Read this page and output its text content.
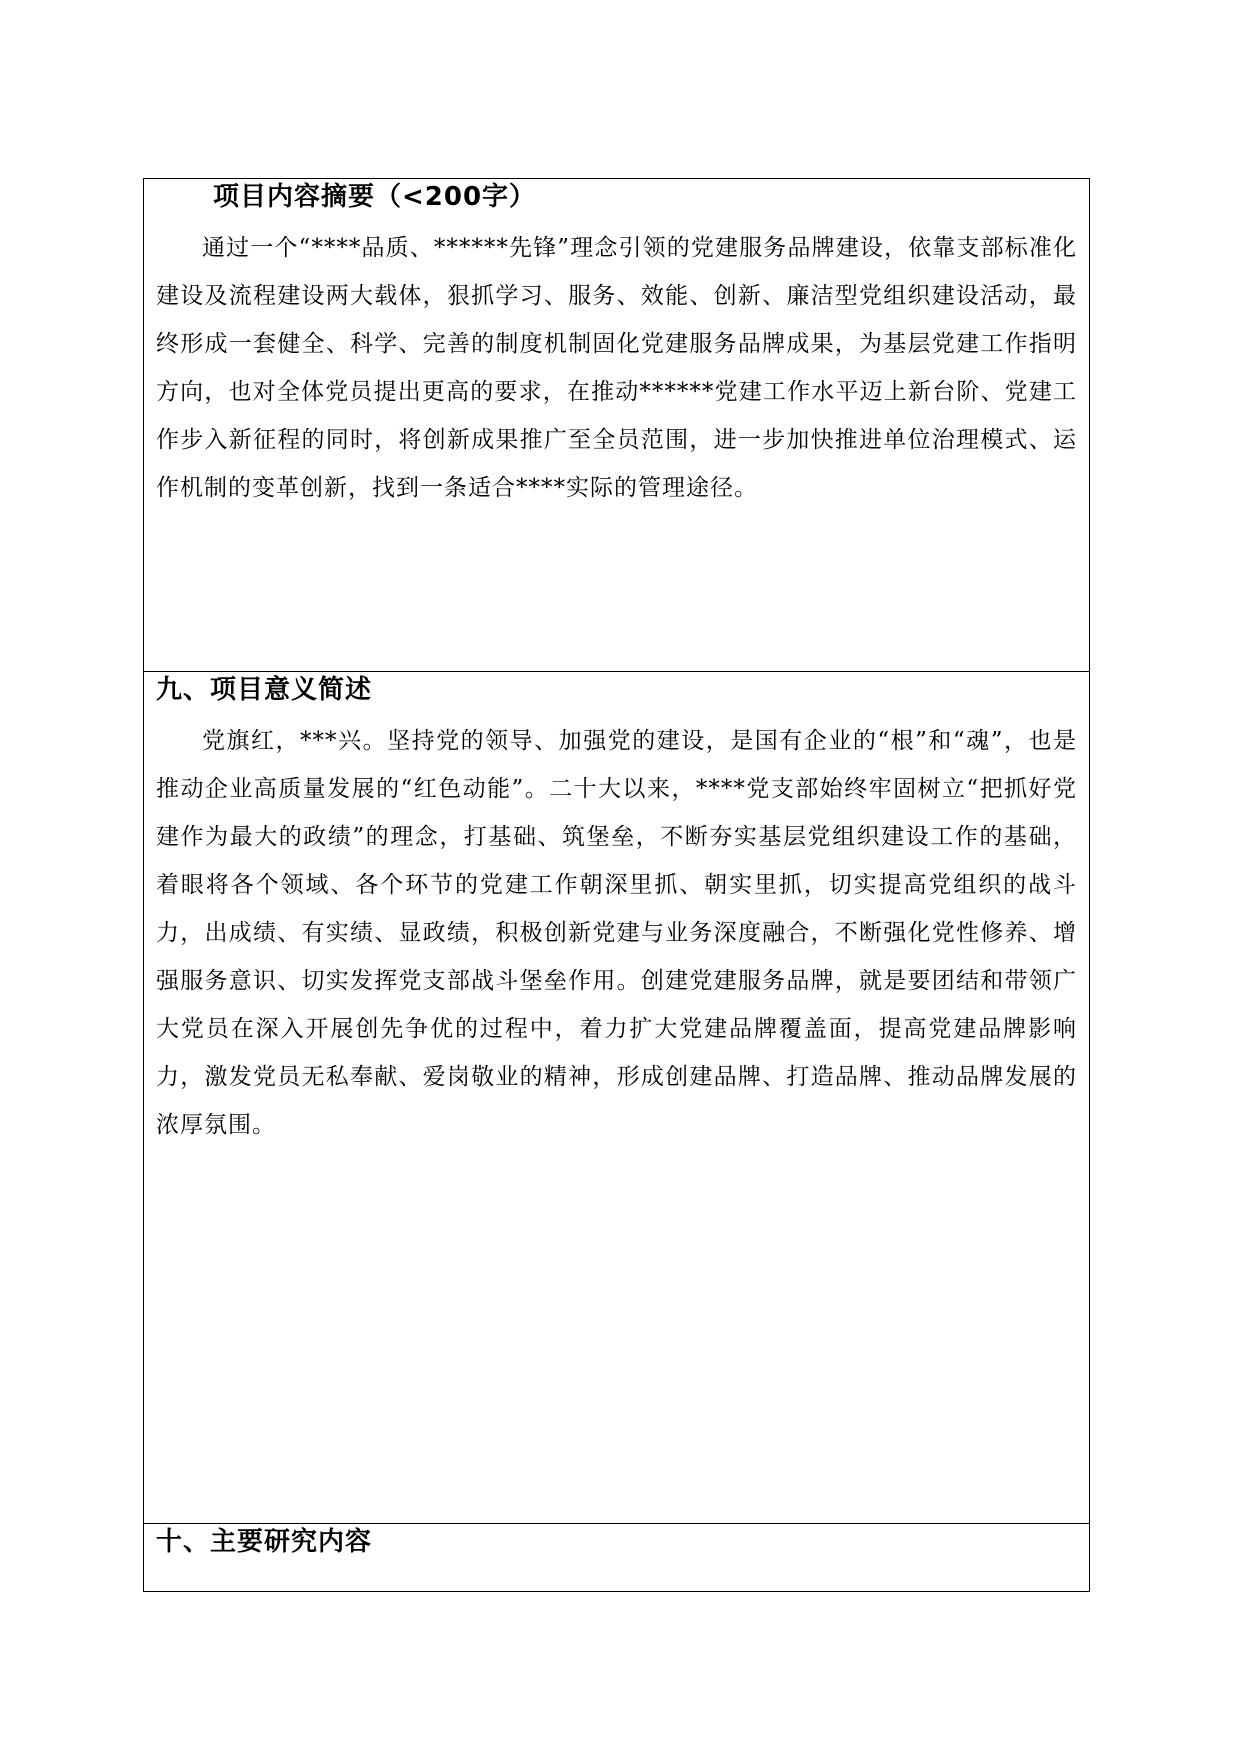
项目内容摘要（<200字）

通过一个“****品质、******先锋”理念引领的党建服务品牌建设，依靠支部标准化建设及流程建设两大载体，狠抓学习、服务、效能、创新、廉洁型党组织建设活动，最终形成一套健全、科学、完善的制度机制固化党建服务品牌成果，为基层党建工作指明方向，也对全体党员提出更高的要求，在推动******党建工作水平迈上新台阶、党建工作步入新征程的同时，将创新成果推广至全员范围，进一步加快推进单位治理模式、运作机制的变革创新，找到一条适合****实际的管理途径。

九、项目意义简述

党旗红，***兴。坚持党的领导、加强党的建设，是国有企业的“根”和“魂”，也是推动企业高质量发展的“红色动能”。二十大以来，****党支部始终牢固树立“把抓好党建作为最大的政绩”的理念，打基础、筑堡垒，不断夯实基层党组织建设工作的基础，着眼将各个领域、各个环节的党建工作朝深里抓、朝实里抓，切实提高党组织的战斗力，出成绩、有实绩、显政绩，积极创新党建与业务深度融合，不断强化党性修养、增强服务意识、切实发挥党支部战斗堡垒作用。创建党建服务品牌，就是要团结和带领广大党员在深入开展创先争优的过程中，着力扩大党建品牌覆盖面，提高党建品牌影响力，激发党员无私奉献、爱岗敬业的精神，形成创建品牌、打造品牌、推动品牌发展的浓厚氛围。

十、主要研究内容
